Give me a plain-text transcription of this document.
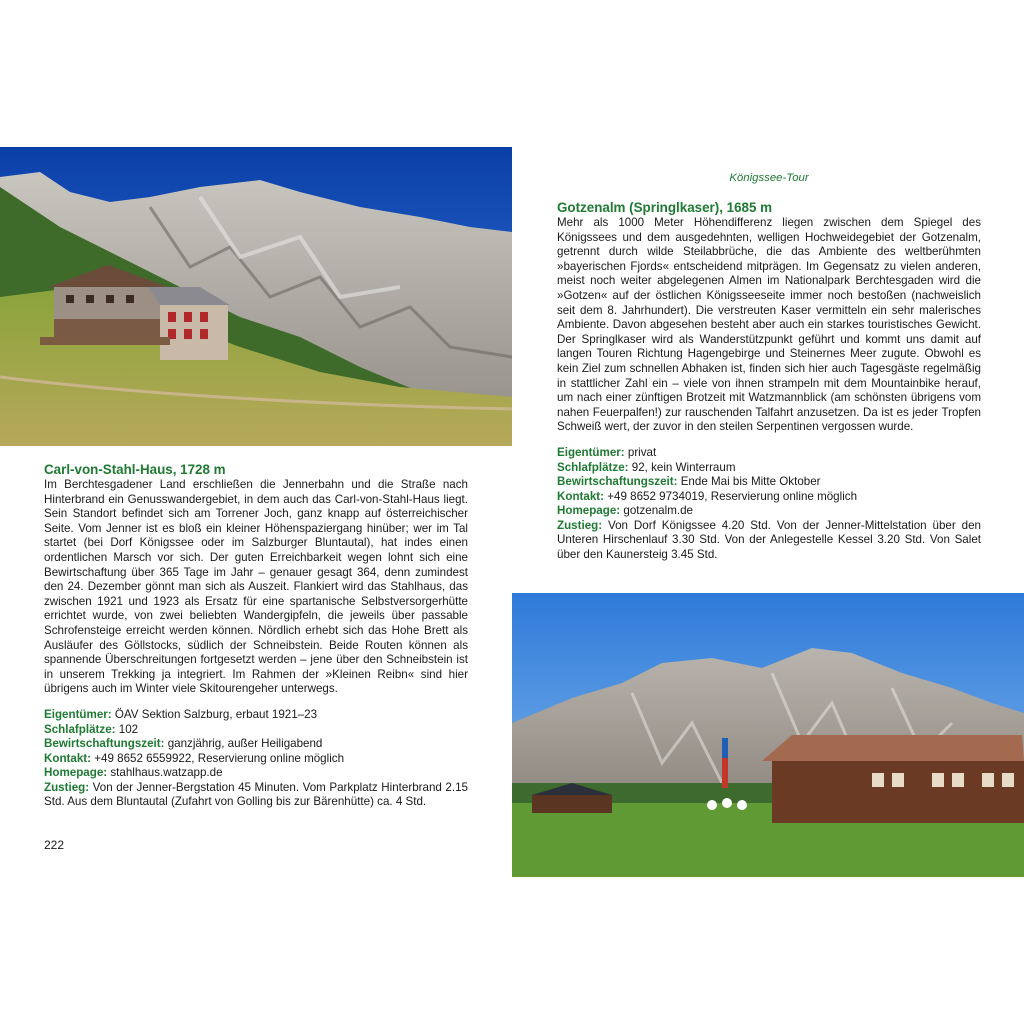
Carl-von-Stahl-Haus, 1728 m

Im Berchtesgadener Land erschließen die Jennerbahn und die Straße nach Hinterbrand ein Genusswandergebiet, in dem auch das Carl-von-Stahl-Haus liegt. Sein Standort befindet sich am Torrener Joch, ganz knapp auf österreichischer Seite. Vom Jenner ist es bloß ein kleiner Höhenspaziergang hinüber; wer im Tal startet (bei Dorf Königssee oder im Salzburger Bluntautal), hat indes einen ordentlichen Marsch vor sich. Der guten Erreichbarkeit wegen lohnt sich eine Bewirtschaftung über 365 Tage im Jahr – genauer gesagt 364, denn zumindest den 24. Dezember gönnt man sich als Auszeit. Flankiert wird das Stahlhaus, das zwischen 1921 und 1923 als Ersatz für eine spartanische Selbstversorgerhütte errichtet wurde, von zwei beliebten Wandergipfeln, die jeweils über passable Schrofensteige erreicht werden können. Nördlich erhebt sich das Hohe Brett als Ausläufer des Göllstocks, südlich der Schneibstein. Beide Routen können als spannende Überschreitungen fortgesetzt werden – jene über den Schneibstein ist in unserem Trekking ja integriert. Im Rahmen der »Kleinen Reibn« sind hier übrigens auch im Winter viele Skitourengeher unterwegs.

Eigentümer: ÖAV Sektion Salzburg, erbaut 1921–23

Schlafplätze: 102

Bewirtschaftungszeit: ganzjährig, außer Heiligabend

Kontakt: +49 8652 6559922, Reservierung online möglich

Homepage: stahlhaus.watzapp.de

Zustieg: Von der Jenner-Bergstation 45 Minuten. Vom Parkplatz Hinterbrand 2.15 Std. Aus dem Bluntautal (Zufahrt von Golling bis zur Bärenhütte) ca. 4 Std.

222
Königssee-Tour
Gotzenalm (Springlkaser), 1685 m

Mehr als 1000 Meter Höhendifferenz liegen zwischen dem Spiegel des Königssees und dem ausgedehnten, welligen Hochweidegebiet der Gotzenalm, getrennt durch wilde Steilabbrüche, die das Ambiente des weltberühmten »bayerischen Fjords« entscheidend mitprägen. Im Gegensatz zu vielen anderen, meist noch weiter abgelegenen Almen im Nationalpark Berchtesgaden wird die »Gotzen« auf der östlichen Königsseeseite immer noch bestoßen (nachweislich seit dem 8. Jahrhundert). Die verstreuten Kaser vermitteln ein sehr malerisches Ambiente. Davon abgesehen besteht aber auch ein starkes touristisches Gewicht. Der Springlkaser wird als Wanderstützpunkt geführt und kommt uns damit auf langen Touren Richtung Hagengebirge und Steinernes Meer zugute. Obwohl es kein Ziel zum schnellen Abhaken ist, finden sich hier auch Tagesgäste regelmäßig in stattlicher Zahl ein – viele von ihnen strampeln mit dem Mountainbike herauf, um nach einer zünftigen Brotzeit mit Watzmannblick (am schönsten übrigens vom nahen Feuerpalfen!) zur rauschenden Talfahrt anzusetzen. Da ist es jeder Tropfen Schweiß wert, der zuvor in den steilen Serpentinen vergossen wurde.

Eigentümer: privat

Schlafplätze: 92, kein Winterraum

Bewirtschaftungszeit: Ende Mai bis Mitte Oktober

Kontakt: +49 8652 9734019, Reservierung online möglich

Homepage: gotzenalm.de

Zustieg: Von Dorf Königssee 4.20 Std. Von der Jenner-Mittelstation über den Unteren Hirschenlauf 3.30 Std. Von der Anlegestelle Kessel 3.20 Std. Von Salet über den Kaunersteig 3.45 Std.
